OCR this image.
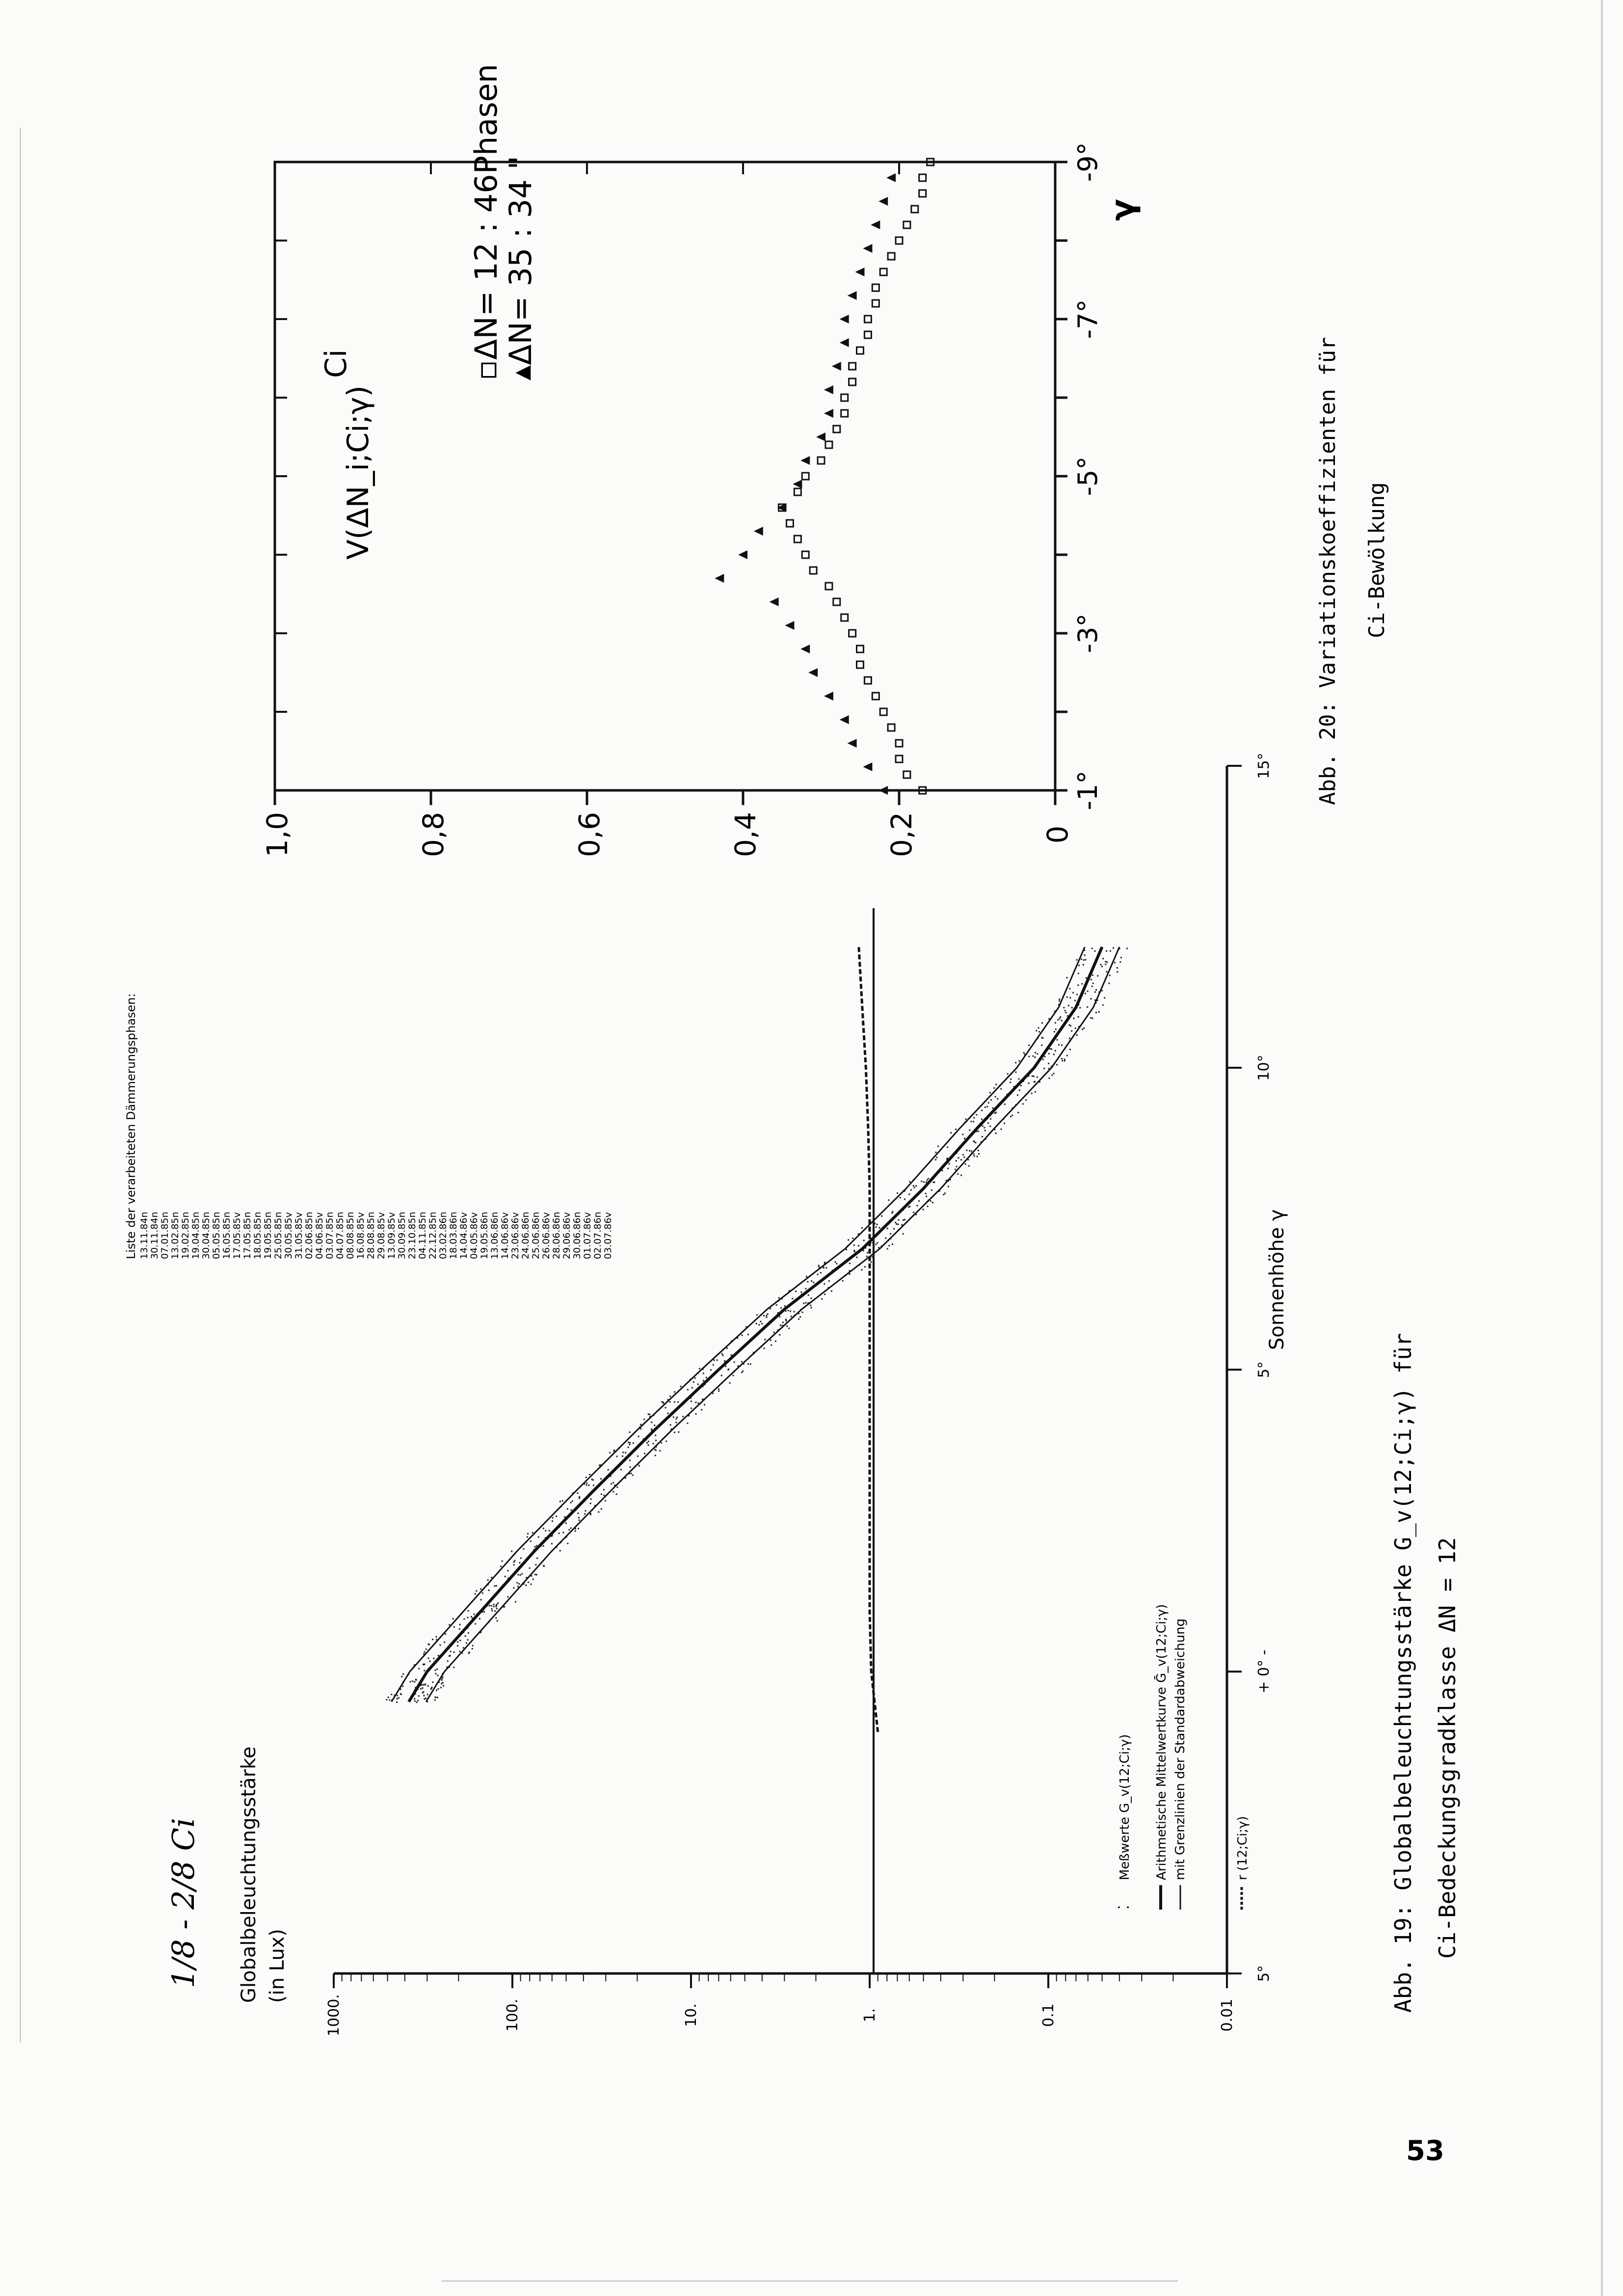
0.01
0.1
1.
10.
100.
1000.
5°
+ 0° -
5°
10°
15°
1/8 - 2/8 Ci Globalbeleuchtungsstärke (in Lux)
Meßwerte G_v(12;Ci;γ)
⁚
Arithmetische Mittelwertkurve Ḡ_v(12;Ci;γ) mit Grenzlinien der Standardabweichung	r (12;Ci;γ)
Liste der verarbeiteten Dämmerungsphasen: 13.11.84n 30.11.84n 07.01.85n 13.02.85n 19.02.85n 19.04.85n 30.04.85n 05.05.85n 16.05.85n 17.05.85v 17.05.85n 18.05.85n 19.05.85n 25.05.85n 30.05.85v 31.05.85v 02.06.85n 04.06.85v 03.07.85n 04.07.85n 08.08.85n 16.08.85v 28.08.85n 29.08.85v 13.09.85v 30.09.85n 23.10.85n 04.11.85n 22.12.85n 03.02.86n 18.03.86n 14.04.86v 04.05.86v 19.05.86n 13.06.86n 14.06.86v 23.06.86v 24.06.86n 25.06.86n 26.06.86v 28.06.86n 29.06.86v 30.06.86n 01.07.86v 02.07.86n 03.07.86v	Sonnenhöhe γ
Abb. 19: Globalbeleuchtungsstärke G_v(12;Ci;γ) für Ci-Bedeckungsgradklasse ΔN = 12
0
0,2
0,4
0,6
0,8
1,0
-1°
-3°
-5°
-7°
-9°
V(ΔN_i;Ci;γ)
▫ΔN= 12 : 46Phasen
▴ΔN= 35 : 34 "
Ci
γ
Abb. 20: Variationskoeffizienten für Ci-Bewölkung
53
